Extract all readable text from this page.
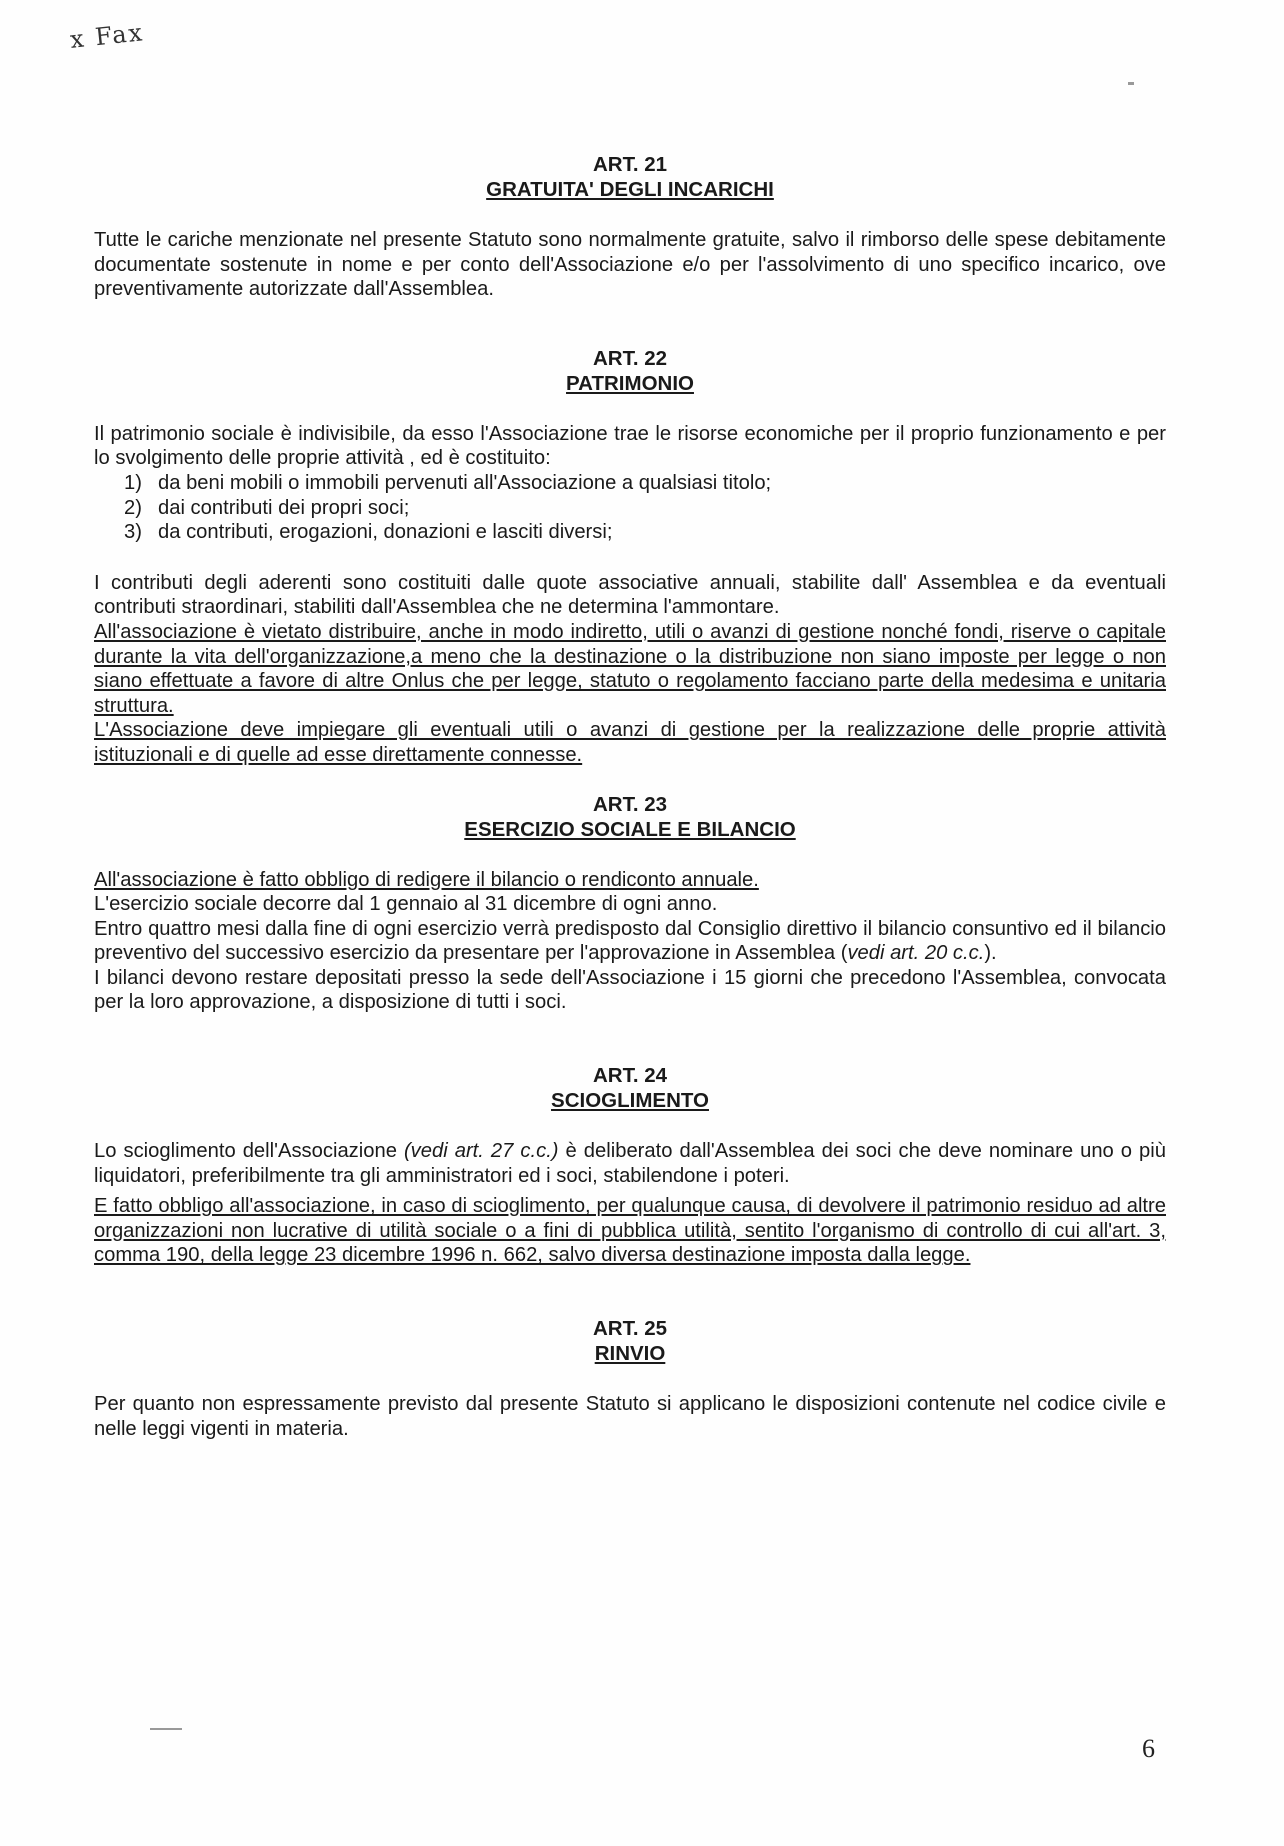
x Fax
ART. 21
GRATUITA' DEGLI INCARICHI

Tutte le cariche menzionate nel presente Statuto sono normalmente gratuite, salvo il rimborso delle spese debitamente documentate sostenute in nome e per conto dell'Associazione e/o per l'assolvimento di uno specifico incarico, ove preventivamente autorizzate dall'Assemblea.

ART. 22
PATRIMONIO

Il patrimonio sociale è indivisibile, da esso l'Associazione trae le risorse economiche per il proprio funzionamento e per lo svolgimento delle proprie attività , ed è costituito:

1) da beni mobili o immobili pervenuti all'Associazione a qualsiasi titolo;
2) dai contributi dei propri soci;
3) da contributi, erogazioni, donazioni e lasciti diversi;

I contributi degli aderenti sono costituiti dalle quote associative annuali, stabilite dall' Assemblea e da eventuali contributi straordinari, stabiliti dall'Assemblea che ne determina l'ammontare.

All'associazione è vietato distribuire, anche in modo indiretto, utili o avanzi di gestione nonché fondi, riserve o capitale durante la vita dell'organizzazione,a meno che la destinazione o la distribuzione non siano imposte per legge o non siano effettuate a favore di altre Onlus che per legge, statuto o regolamento facciano parte della medesima e unitaria struttura.

L'Associazione deve impiegare gli eventuali utili o avanzi di gestione per la realizzazione delle proprie attività istituzionali e di quelle ad esse direttamente connesse.

ART. 23
ESERCIZIO SOCIALE E BILANCIO

All'associazione è fatto obbligo di redigere il bilancio o rendiconto annuale.

L'esercizio sociale decorre dal 1 gennaio al 31 dicembre di ogni anno.

Entro quattro mesi dalla fine di ogni esercizio verrà predisposto dal Consiglio direttivo il bilancio consuntivo ed il bilancio preventivo del successivo esercizio da presentare per l'approvazione in Assemblea (vedi art. 20 c.c.).

I bilanci devono restare depositati presso la sede dell'Associazione i 15 giorni che precedono l'Assemblea, convocata per la loro approvazione, a disposizione di tutti i soci.

ART. 24
SCIOGLIMENTO

Lo scioglimento dell'Associazione (vedi art. 27 c.c.) è deliberato dall'Assemblea dei soci che deve nominare uno o più liquidatori, preferibilmente tra gli amministratori ed i soci, stabilendone i poteri.

E fatto obbligo all'associazione, in caso di scioglimento, per qualunque causa, di devolvere il patrimonio residuo ad altre organizzazioni non lucrative di utilità sociale o a fini di pubblica utilità, sentito l'organismo di controllo di cui all'art. 3, comma 190, della legge 23 dicembre 1996 n. 662, salvo diversa destinazione imposta dalla legge.

ART. 25
RINVIO

Per quanto non espressamente previsto dal presente Statuto si applicano le disposizioni contenute nel codice civile e nelle leggi vigenti in materia.

6
